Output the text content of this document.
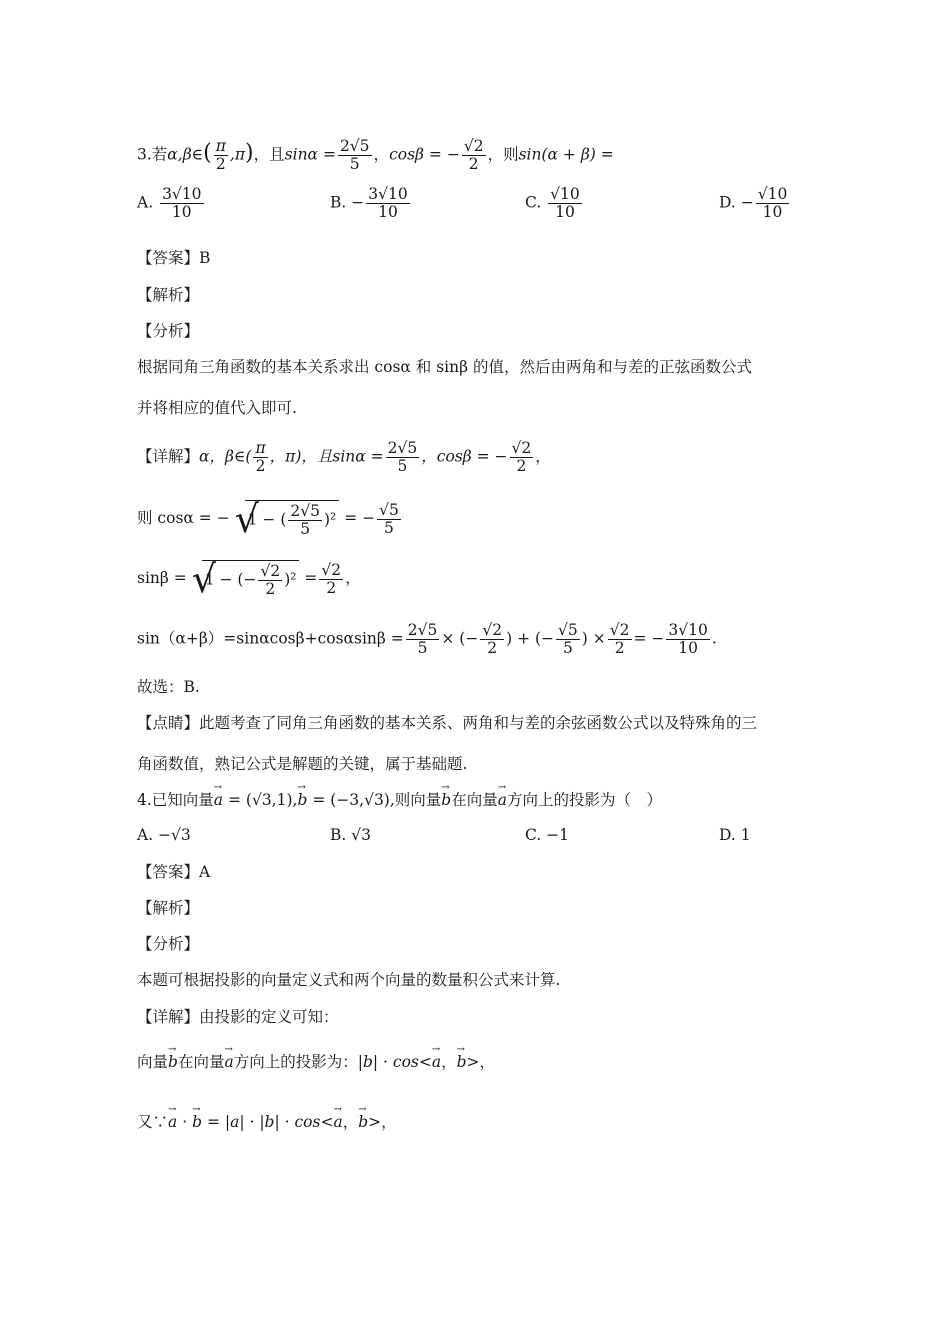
3.若α,β∈( $\frac{\pi}{2} ,\pi$)，且$\sin\alpha = \frac{2√5}{5}$ ，cosβ = − $\frac{√2}{2}$ ，则sin(α + β) =
A. $\frac{3√10}{10}$	B. − $\frac{3√10}{10}$	C. $\frac{√10}{10}$	D. − $\frac{√10}{10}$
【答案】B
【解析】
【分析】
根据同角三角函数的基本关系求出 cosα 和 sinβ 的值，然后由两角和与差的正弦函数公式
并将相应的值代入即可.
【详解】α，β∈( $\frac{\pi}{2}$ ，π)，且$\sin\alpha = \frac{2√5}{5}$ ，cosβ = − $\frac{√2}{2}$ ，
则 cosα = − √
1 − ( $\frac{2√5}{5} )^2$ = − $\frac{√5}{5}$
sinβ = √
1 − (− $\frac{√2}{2} )^2 = \frac{√2}{2}$ ，
$\sin(\alpha+\beta)=\sin\alpha\cos\beta+\cos\alpha\sin\beta = \frac{2√5}{5}$ × (− $\frac{√2}{2}$ ) + (− $\frac{√5}{5}$ ) × $\frac{√2}{2}$ = − $\frac{3√10}{10}$ .
故选：B.
【点睛】此题考查了同角三角函数的基本关系、两角和与差的余弦函数公式以及特殊角的三
角函数值，熟记公式是解题的关键，属于基础题.
4.已知向量→ a = (√3,1),→ b = (−3,√3),则向量→ b在向量→ a方向上的投影为（　）
A. −√3	B. √3	C. −1	D. 1
【答案】A
【解析】
【分析】
本题可根据投影的向量定义式和两个向量的数量积公式来计算.
【详解】由投影的定义可知：
向量→ b在向量→ a方向上的投影为：|b| · cos<→ a，→ b>，
又∵→ a · → b = |a| · |b| · cos<→ a，→ b>，
